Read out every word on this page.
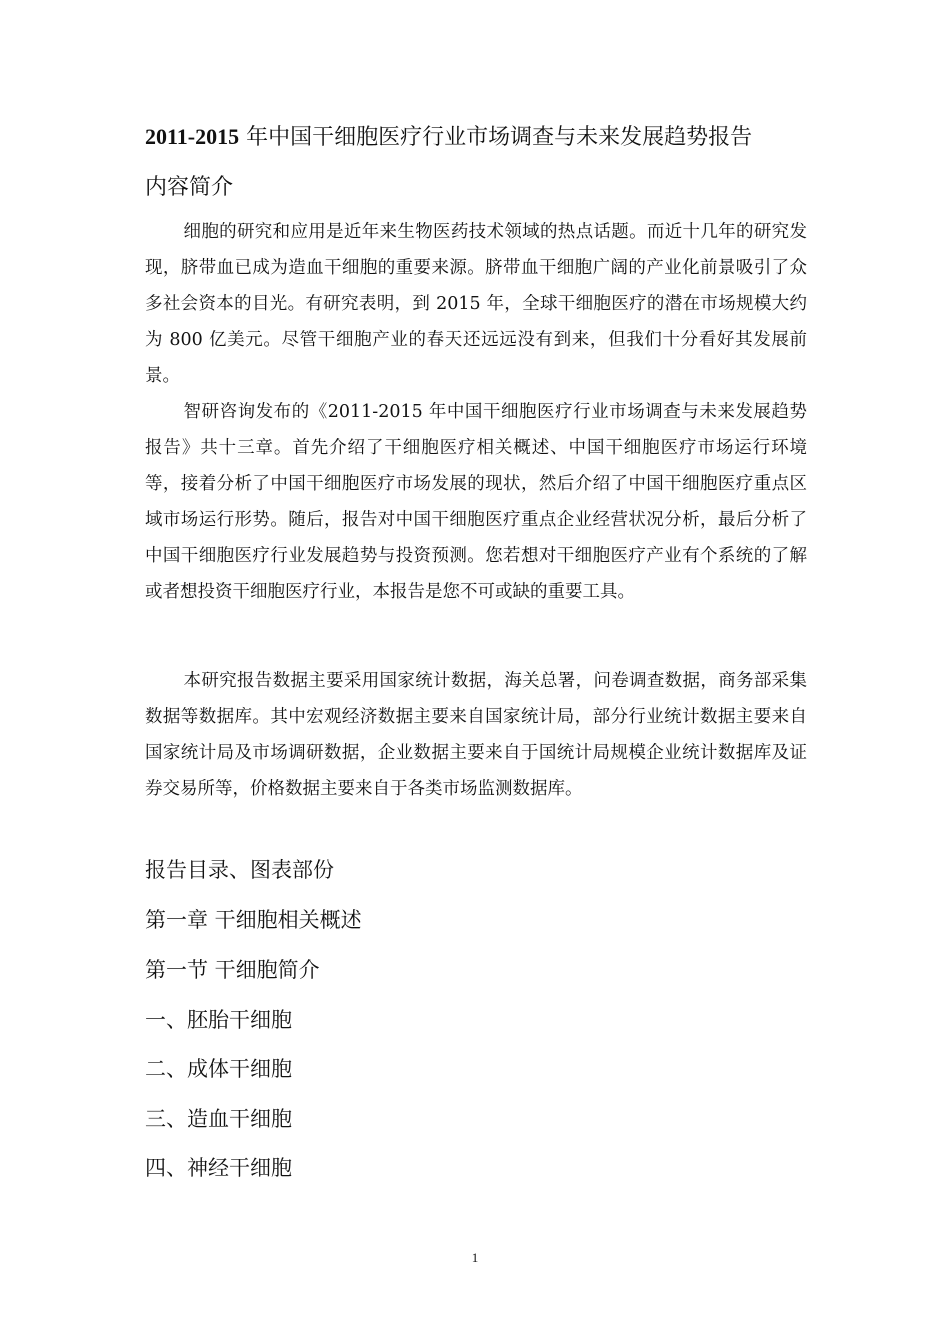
2011-2015 年中国干细胞医疗行业市场调查与未来发展趋势报告
内容简介

细胞的研究和应用是近年来生物医药技术领域的热点话题。而近十几年的研究发现，脐带血已成为造血干细胞的重要来源。脐带血干细胞广阔的产业化前景吸引了众多社会资本的目光。有研究表明，到 2015 年，全球干细胞医疗的潜在市场规模大约为 800 亿美元。尽管干细胞产业的春天还远远没有到来，但我们十分看好其发展前景。

智研咨询发布的《2011-2015 年中国干细胞医疗行业市场调查与未来发展趋势报告》共十三章。首先介绍了干细胞医疗相关概述、中国干细胞医疗市场运行环境等，接着分析了中国干细胞医疗市场发展的现状，然后介绍了中国干细胞医疗重点区域市场运行形势。随后，报告对中国干细胞医疗重点企业经营状况分析，最后分析了中国干细胞医疗行业发展趋势与投资预测。您若想对干细胞医疗产业有个系统的了解或者想投资干细胞医疗行业，本报告是您不可或缺的重要工具。

本研究报告数据主要采用国家统计数据，海关总署，问卷调查数据，商务部采集数据等数据库。其中宏观经济数据主要来自国家统计局，部分行业统计数据主要来自国家统计局及市场调研数据，企业数据主要来自于国统计局规模企业统计数据库及证券交易所等，价格数据主要来自于各类市场监测数据库。

报告目录、图表部份
第一章 干细胞相关概述
第一节 干细胞简介
一、胚胎干细胞
二、成体干细胞
三、造血干细胞
四、神经干细胞
1
